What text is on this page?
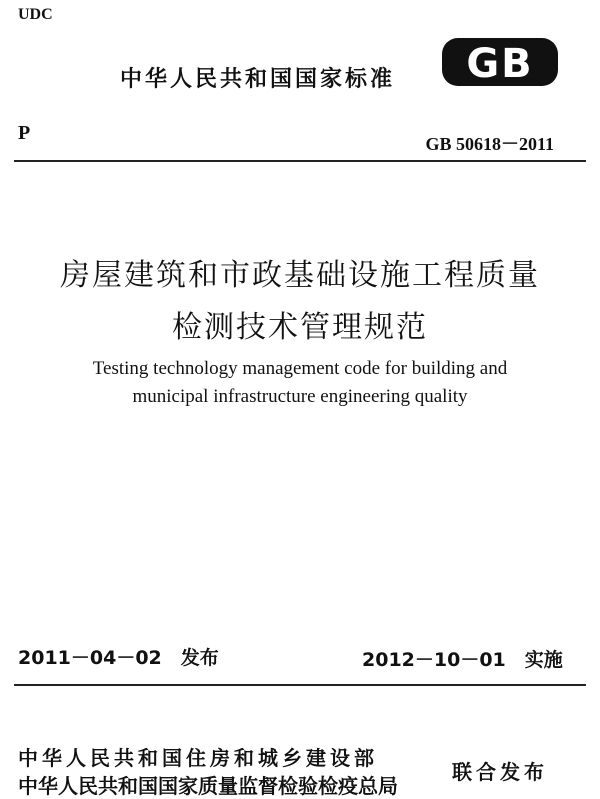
UDC
中华人民共和国国家标准 GB
P	GB 50618－2011
房屋建筑和市政基础设施工程质量
检测技术管理规范
Testing technology management code for building and
municipal infrastructure engineering quality
2011－04－02　发布	2012－10－01　实施
中华人民共和国住房和城乡建设部
中华人民共和国国家质量监督检验检疫总局
联合发布
